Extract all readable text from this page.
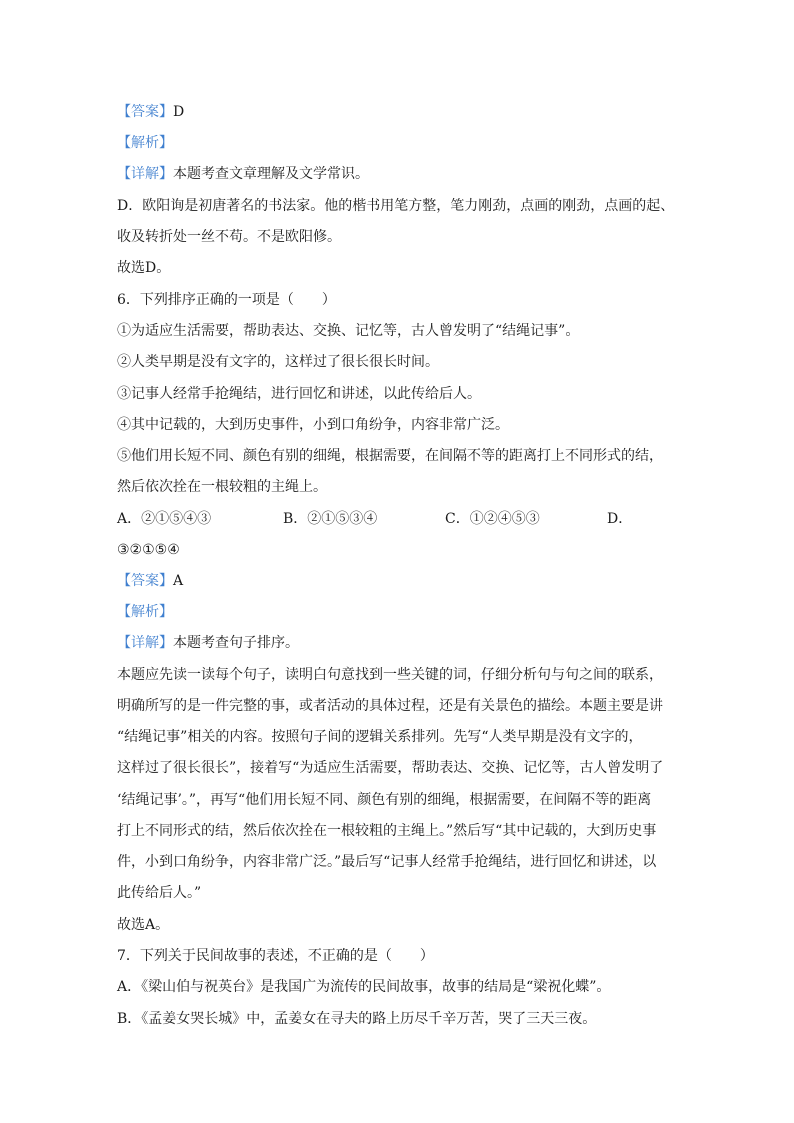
【答案】D
【解析】
【详解】本题考查文章理解及文学常识。
D．欧阳询是初唐著名的书法家。他的楷书用笔方整，笔力刚劲，点画的刚劲，点画的起、
收及转折处一丝不苟。不是欧阳修。
故选D。
6．下列排序正确的一项是（　　）
①为适应生活需要，帮助表达、交换、记忆等，古人曾发明了“结绳记事”。
②人类早期是没有文字的，这样过了很长很长时间。
③记事人经常手抢绳结，进行回忆和讲述，以此传给后人。
④其中记载的，大到历史事件，小到口角纷争，内容非常广泛。
⑤他们用长短不同、颜色有别的细绳，根据需要，在间隔不等的距离打上不同形式的结，
然后依次拴在一根较粗的主绳上。
A．②①⑤④③	B．②①⑤③④	C．①②④⑤③	D．
③②①⑤④
【答案】A
【解析】
【详解】本题考查句子排序。
本题应先读一读每个句子，读明白句意找到一些关键的词，仔细分析句与句之间的联系，
明确所写的是一件完整的事，或者活动的具体过程，还是有关景色的描绘。本题主要是讲
“结绳记事”相关的内容。按照句子间的逻辑关系排列。先写“人类早期是没有文字的，
这样过了很长很长”，接着写“为适应生活需要，帮助表达、交换、记忆等，古人曾发明了
‘结绳记事’。”，再写“他们用长短不同、颜色有别的细绳，根据需要，在间隔不等的距离
打上不同形式的结，然后依次拴在一根较粗的主绳上。”然后写“其中记载的，大到历史事
件，小到口角纷争，内容非常广泛。”最后写“记事人经常手抢绳结，进行回忆和讲述，以
此传给后人。”
故选A。
7．下列关于民间故事的表述，不正确的是（　　）
A．《梁山伯与祝英台》是我国广为流传的民间故事，故事的结局是“梁祝化蝶”。
B．《孟姜女哭长城》中，孟姜女在寻夫的路上历尽千辛万苦，哭了三天三夜。
